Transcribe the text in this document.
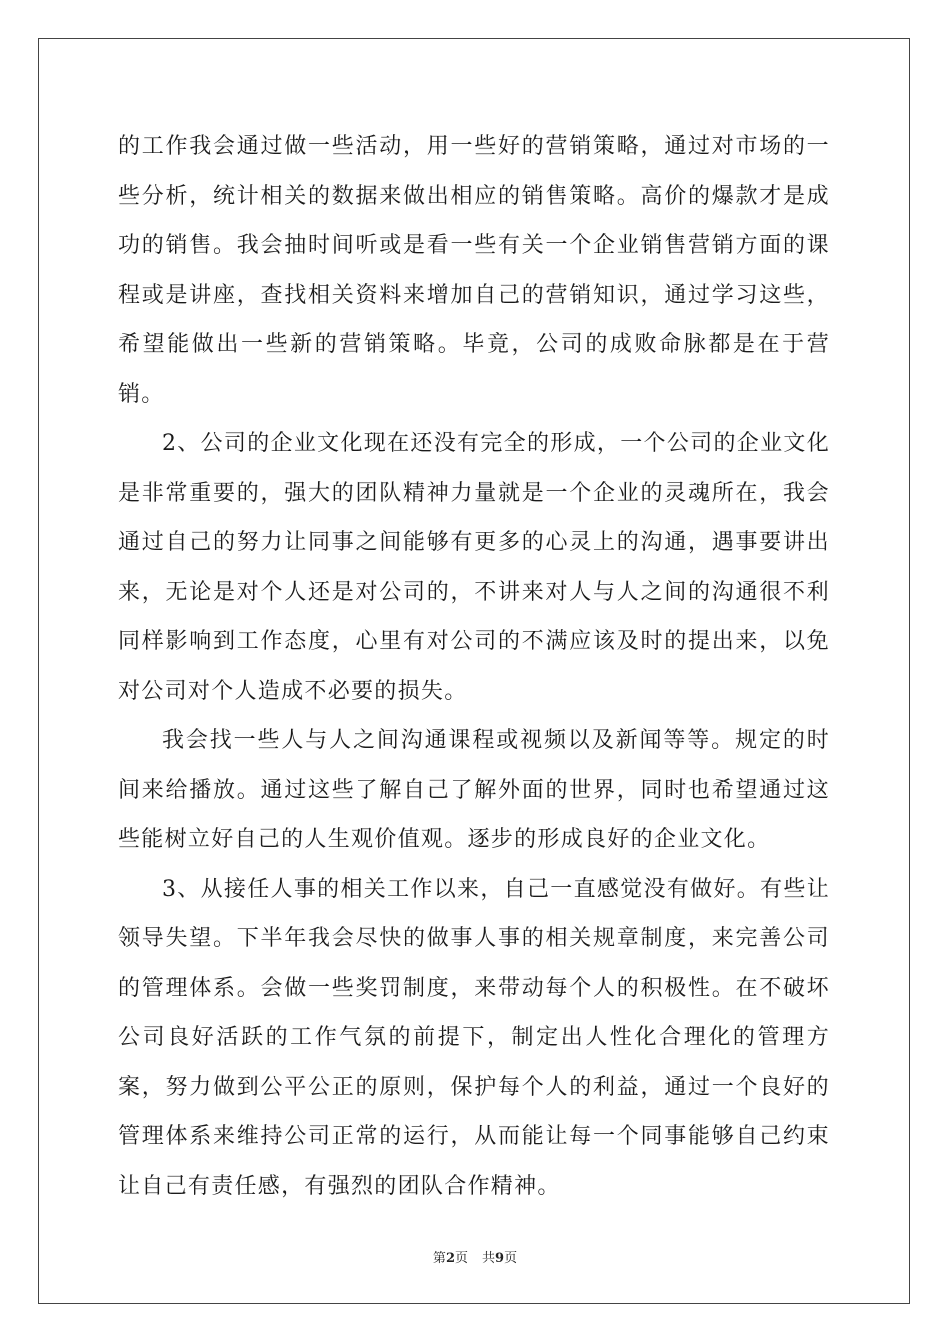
的工作我会通过做一些活动，用一些好的营销策略，通过对市场的一些分析，统计相关的数据来做出相应的销售策略。高价的爆款才是成功的销售。我会抽时间听或是看一些有关一个企业销售营销方面的课程或是讲座，查找相关资料来增加自己的营销知识，通过学习这些，希望能做出一些新的营销策略。毕竟，公司的成败命脉都是在于营销。

2、公司的企业文化现在还没有完全的形成，一个公司的企业文化是非常重要的，强大的团队精神力量就是一个企业的灵魂所在，我会通过自己的努力让同事之间能够有更多的心灵上的沟通，遇事要讲出来，无论是对个人还是对公司的，不讲来对人与人之间的沟通很不利同样影响到工作态度，心里有对公司的不满应该及时的提出来，以免对公司对个人造成不必要的损失。

我会找一些人与人之间沟通课程或视频以及新闻等等。规定的时间来给播放。通过这些了解自己了解外面的世界，同时也希望通过这些能树立好自己的人生观价值观。逐步的形成良好的企业文化。

3、从接任人事的相关工作以来，自己一直感觉没有做好。有些让领导失望。下半年我会尽快的做事人事的相关规章制度，来完善公司的管理体系。会做一些奖罚制度，来带动每个人的积极性。在不破坏公司良好活跃的工作气氛的前提下，制定出人性化合理化的管理方案，努力做到公平公正的原则，保护每个人的利益，通过一个良好的管理体系来维持公司正常的运行，从而能让每一个同事能够自己约束让自己有责任感，有强烈的团队合作精神。

第2页 共9页
